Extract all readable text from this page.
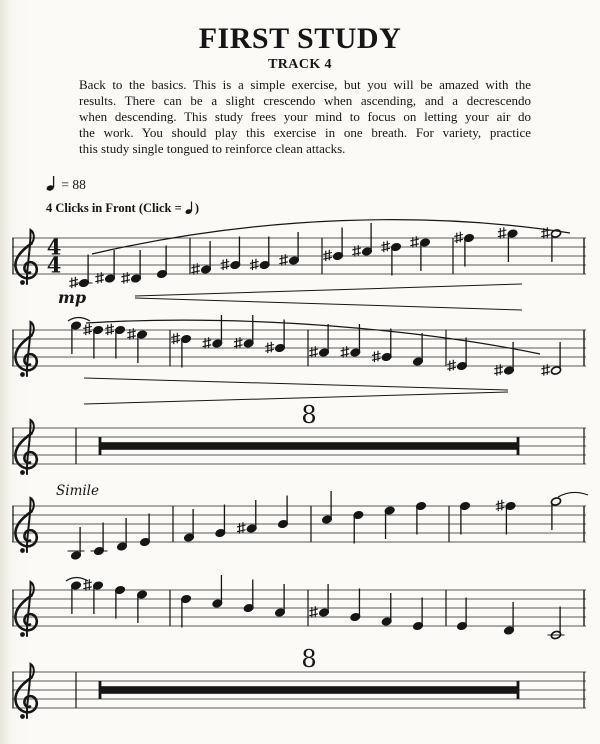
FIRST STUDY
TRACK 4
Back to the basics. This is a simple exercise, but you will be amazed with the
results. There can be a slight crescendo when ascending, and a decrescendo
when descending. This study frees your mind to focus on letting your air do
the work. You should play this exercise in one breath. For variety, practice
this study single tongued to reinforce clean attacks.
= 88
4 Clicks in Front (Click = )
4
4
mp
8
Simile
8
